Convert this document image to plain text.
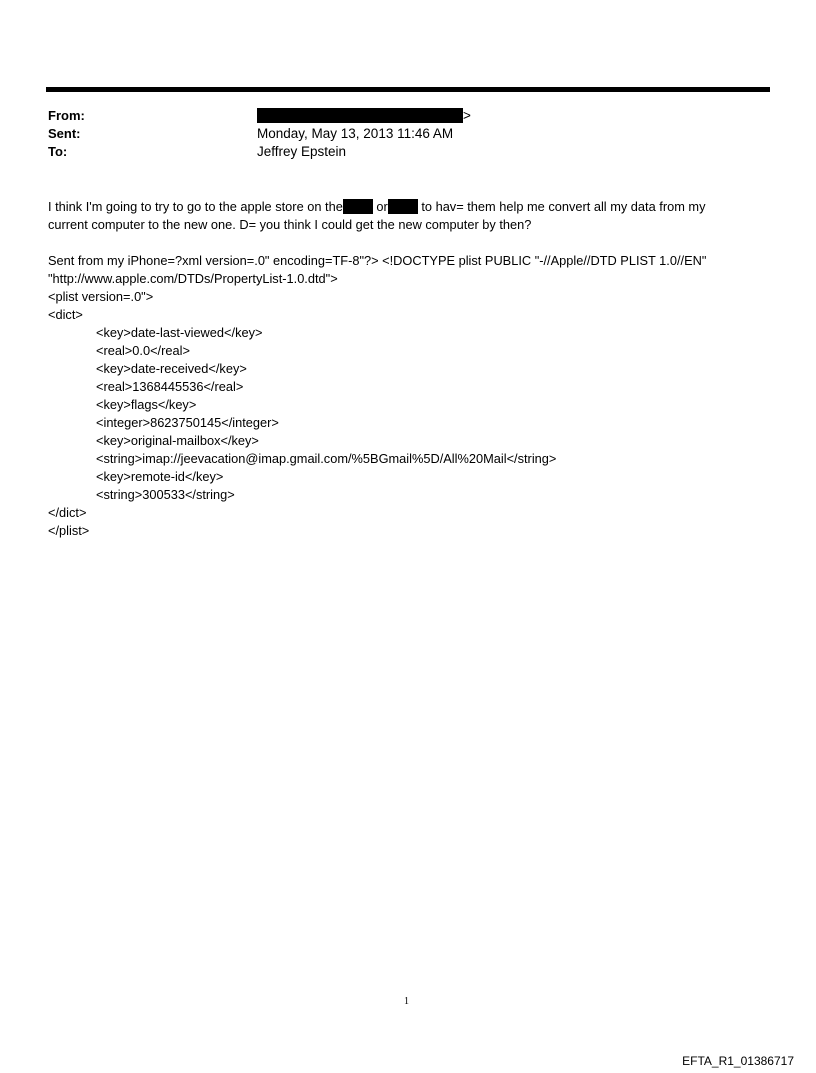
From:	>
Sent:	Monday, May 13, 2013 11:46 AM
To:	Jeffrey Epstein
I think I'm going to try to go to the apple store on the	or	to hav= them help me convert all my data from my
current computer to the new one. D= you think I could get the new computer by then?
Sent from my iPhone=?xml version=.0" encoding=TF-8"?> <!DOCTYPE plist PUBLIC "-//Apple//DTD PLIST 1.0//EN"
"http://www.apple.com/DTDs/PropertyList-1.0.dtd">
<plist version=.0">
<dict>
<key>date-last-viewed</key>
<real>0.0</real>
<key>date-received</key>
<real>1368445536</real>
<key>flags</key>
<integer>8623750145</integer>
<key>original-mailbox</key>
<string>imap://jeevacation@imap.gmail.com/%5BGmail%5D/All%20Mail</string>
<key>remote-id</key>
<string>300533</string>
</dict>
</plist>
1
EFTA_R1_01386717
